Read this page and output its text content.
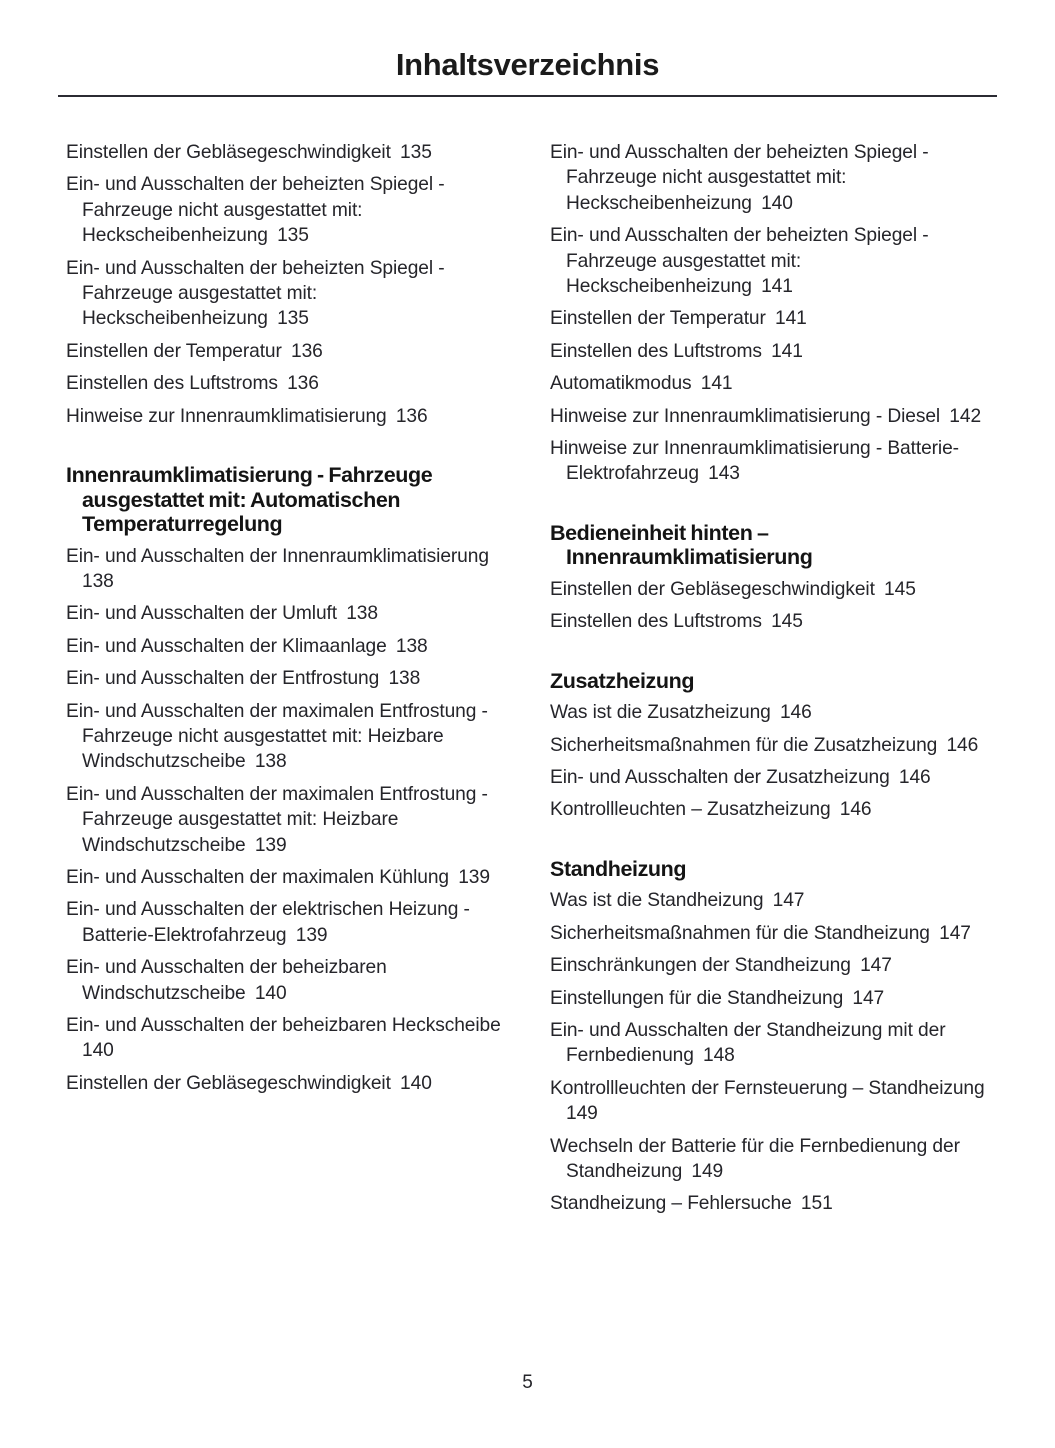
Inhaltsverzeichnis
Einstellen der Gebläsegeschwindigkeit 135
Ein- und Ausschalten der beheizten Spiegel - Fahrzeuge nicht ausgestattet mit: Heckscheibenheizung 135
Ein- und Ausschalten der beheizten Spiegel - Fahrzeuge ausgestattet mit: Heckscheibenheizung 135
Einstellen der Temperatur 136
Einstellen des Luftstroms 136
Hinweise zur Innenraumklimatisierung 136
Innenraumklimatisierung - Fahrzeuge ausgestattet mit: Automatischen Temperaturregelung
Ein- und Ausschalten der Innenraumklimatisierung 138
Ein- und Ausschalten der Umluft 138
Ein- und Ausschalten der Klimaanlage 138
Ein- und Ausschalten der Entfrostung 138
Ein- und Ausschalten der maximalen Entfrostung - Fahrzeuge nicht ausgestattet mit: Heizbare Windschutzscheibe 138
Ein- und Ausschalten der maximalen Entfrostung - Fahrzeuge ausgestattet mit: Heizbare Windschutzscheibe 139
Ein- und Ausschalten der maximalen Kühlung 139
Ein- und Ausschalten der elektrischen Heizung - Batterie-Elektrofahrzeug 139
Ein- und Ausschalten der beheizbaren Windschutzscheibe 140
Ein- und Ausschalten der beheizbaren Heckscheibe 140
Einstellen der Gebläsegeschwindigkeit 140
Ein- und Ausschalten der beheizten Spiegel - Fahrzeuge nicht ausgestattet mit: Heckscheibenheizung 140
Ein- und Ausschalten der beheizten Spiegel - Fahrzeuge ausgestattet mit: Heckscheibenheizung 141
Einstellen der Temperatur 141
Einstellen des Luftstroms 141
Automatikmodus 141
Hinweise zur Innenraumklimatisierung - Diesel 142
Hinweise zur Innenraumklimatisierung - Batterie-Elektrofahrzeug 143
Bedieneinheit hinten – Innenraumklimatisierung
Einstellen der Gebläsegeschwindigkeit 145
Einstellen des Luftstroms 145
Zusatzheizung
Was ist die Zusatzheizung 146
Sicherheitsmaßnahmen für die Zusatzheizung 146
Ein- und Ausschalten der Zusatzheizung 146
Kontrollleuchten – Zusatzheizung 146
Standheizung
Was ist die Standheizung 147
Sicherheitsmaßnahmen für die Standheizung 147
Einschränkungen der Standheizung 147
Einstellungen für die Standheizung 147
Ein- und Ausschalten der Standheizung mit der Fernbedienung 148
Kontrollleuchten der Fernsteuerung – Standheizung 149
Wechseln der Batterie für die Fernbedienung der Standheizung 149
Standheizung – Fehlersuche 151
5
